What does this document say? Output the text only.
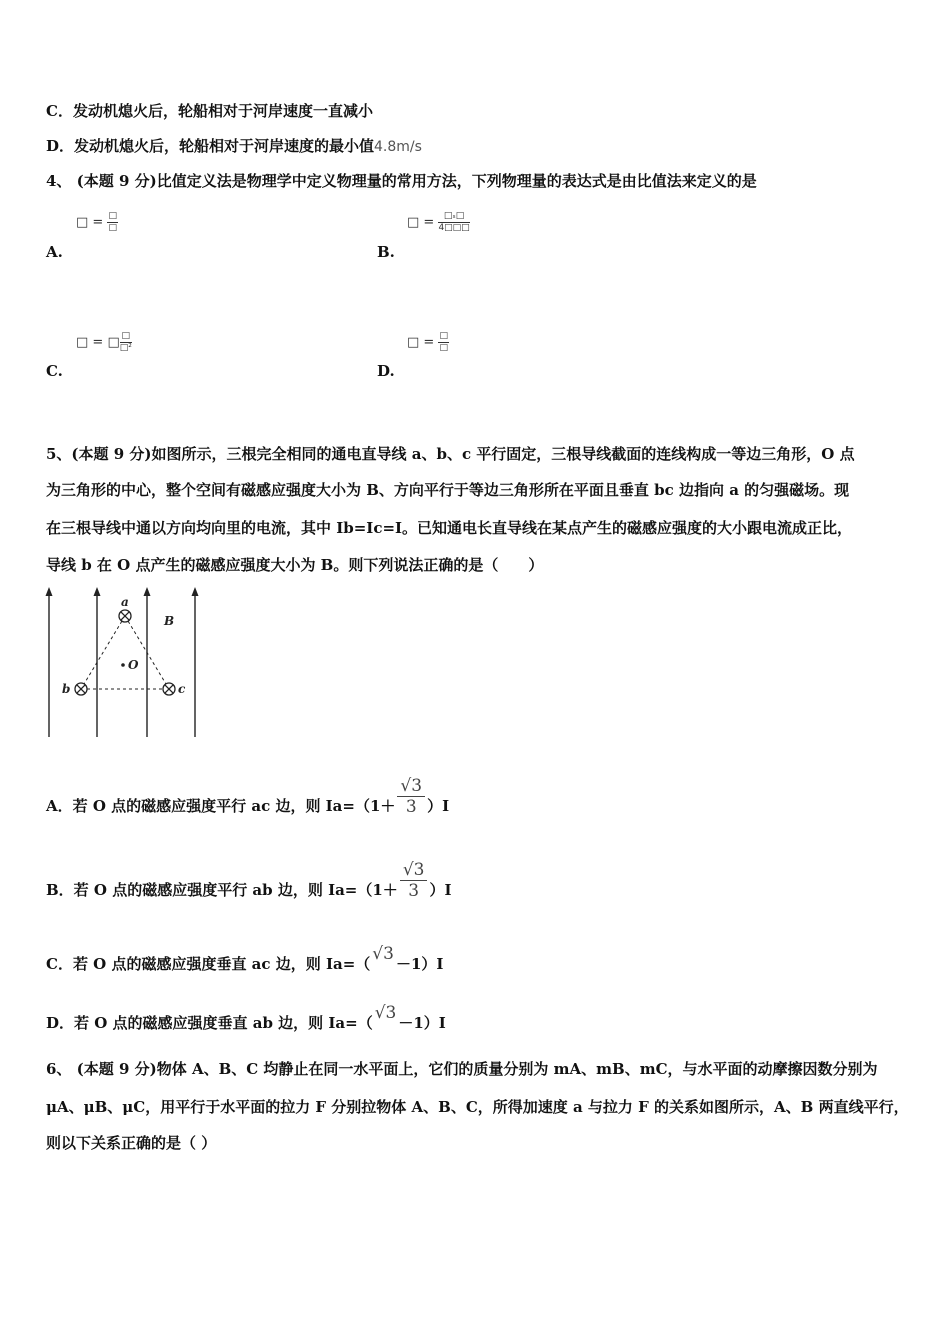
C．发动机熄火后，轮船相对于河岸速度一直减小
D．发动机熄火后，轮船相对于河岸速度的最小值4.8m/s
4、 (本题 9 分)比值定义法是物理学中定义物理量的常用方法，下列物理量的表达式是由比值法来定义的是
□ = $\frac{□}{□}$
A.
□ = $\frac{\text{□ₛ□}}{4□□□}$
B.
□ = □ $\frac{□}{\text{□²}}$
C.
□ = $\frac{□}{□}$
D.
5、(本题 9 分)如图所示，三根完全相同的通电直导线 a、b、c 平行固定，三根导线截面的连线构成一等边三角形，O 点
为三角形的中心，整个空间有磁感应强度大小为 B、方向平行于等边三角形所在平面且垂直 bc 边指向 a 的匀强磁场。现
在三根导线中通以方向均向里的电流，其中 Ib=Ic=I。已知通电长直导线在某点产生的磁感应强度的大小跟电流成正比，
导线 b 在 O 点产生的磁感应强度大小为 B。则下列说法正确的是（　　）
a
b	c
O
B
A．若 O 点的磁感应强度平行 ac 边，则 $Ia=(1+ \frac{√3}{3} )I$
B．若 O 点的磁感应强度平行 ab 边，则 $Ia=(1+ \frac{√3}{3} )I$
C．若 O 点的磁感应强度垂直 ac 边，则 Ia=（ √3 －1）I
D．若 O 点的磁感应强度垂直 ab 边，则 Ia=（ √3 －1）I
6、 (本题 9 分)物体 A、B、C 均静止在同一水平面上，它们的质量分别为 mA、mB、mC，与水平面的动摩擦因数分别为
μA、μB、μC，用平行于水平面的拉力 F 分别拉物体 A、B、C，所得加速度 a 与拉力 F 的关系如图所示，A、B 两直线平行，
则以下关系正确的是（ ）
